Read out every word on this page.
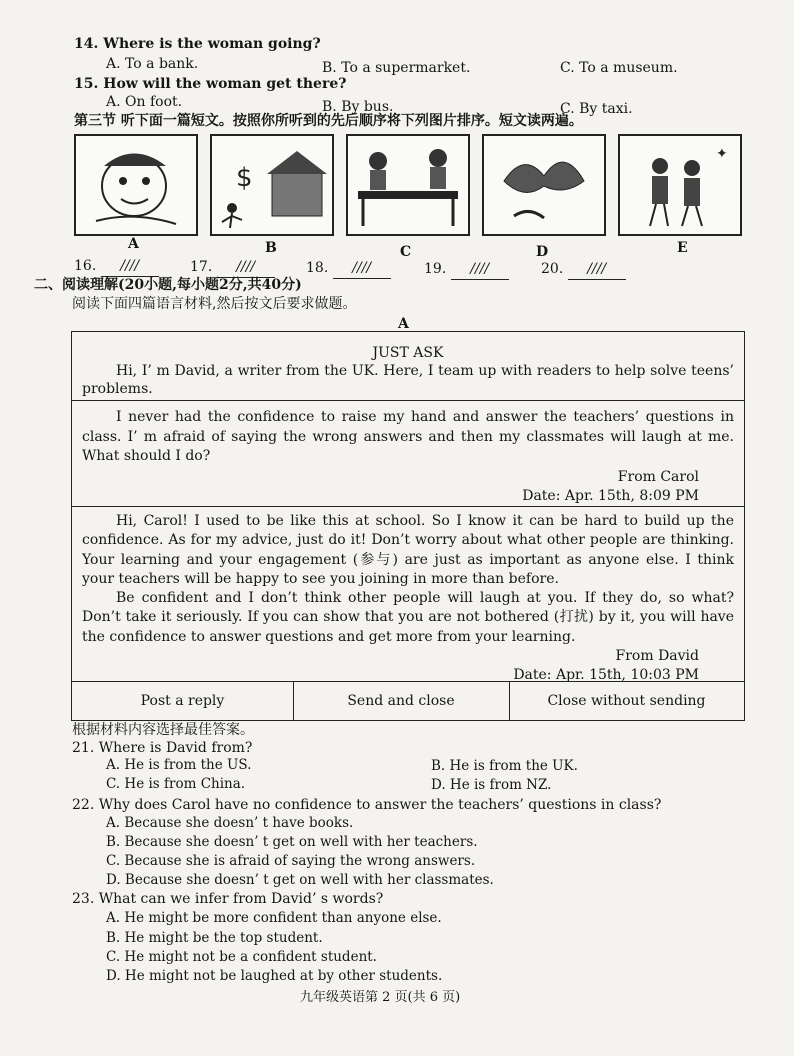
14. Where is the woman going?
A. To a bank.	B. To a supermarket.	C. To a museum.
15. How will the woman get there?
A. On foot.	B. By bus.	C. By taxi.
第三节 听下面一篇短文。按照你所听到的先后顺序将下列图片排序。短文读两遍。
$
✦
A	B	C	D	E
16. ////	17. ////	18. ////	19. ////	20. ////
二、阅读理解(20小题,每小题2分,共40分)
阅读下面四篇语言材料,然后按文后要求做题。
A
JUST ASK
Hi, I’ m David, a writer from the UK. Here, I team up with readers to help solve teens’ problems.
I never had the confidence to raise my hand and answer the teachers’ questions in class. I’ m afraid of saying the wrong answers and then my classmates will laugh at me. What should I do?
From Carol
Date: Apr. 15th, 8:09 PM
Hi, Carol! I used to be like this at school. So I know it can be hard to build up the confidence. As for my advice, just do it! Don’t worry about what other people are thinking. Your learning and your engagement (参与) are just as important as anyone else. I think your teachers will be happy to see you joining in more than before.
Be confident and I don’t think other people will laugh at you. If they do, so what? Don’t take it seriously. If you can show that you are not bothered (打扰) by it, you will have the confidence to answer questions and get more from your learning.
From David
Date: Apr. 15th, 10:03 PM
Post a reply	Send and close	Close without sending
根据材料内容选择最佳答案。
21. Where is David from?
A. He is from the US.	B. He is from the UK.
C. He is from China.	D. He is from NZ.
22. Why does Carol have no confidence to answer the teachers’ questions in class?
A. Because she doesn’ t have books.
B. Because she doesn’ t get on well with her teachers.
C. Because she is afraid of saying the wrong answers.
D. Because she doesn’ t get on well with her classmates.
23. What can we infer from David’ s words?
A. He might be more confident than anyone else.
B. He might be the top student.
C. He might not be a confident student.
D. He might not be laughed at by other students.
九年级英语第 2 页(共 6 页)
